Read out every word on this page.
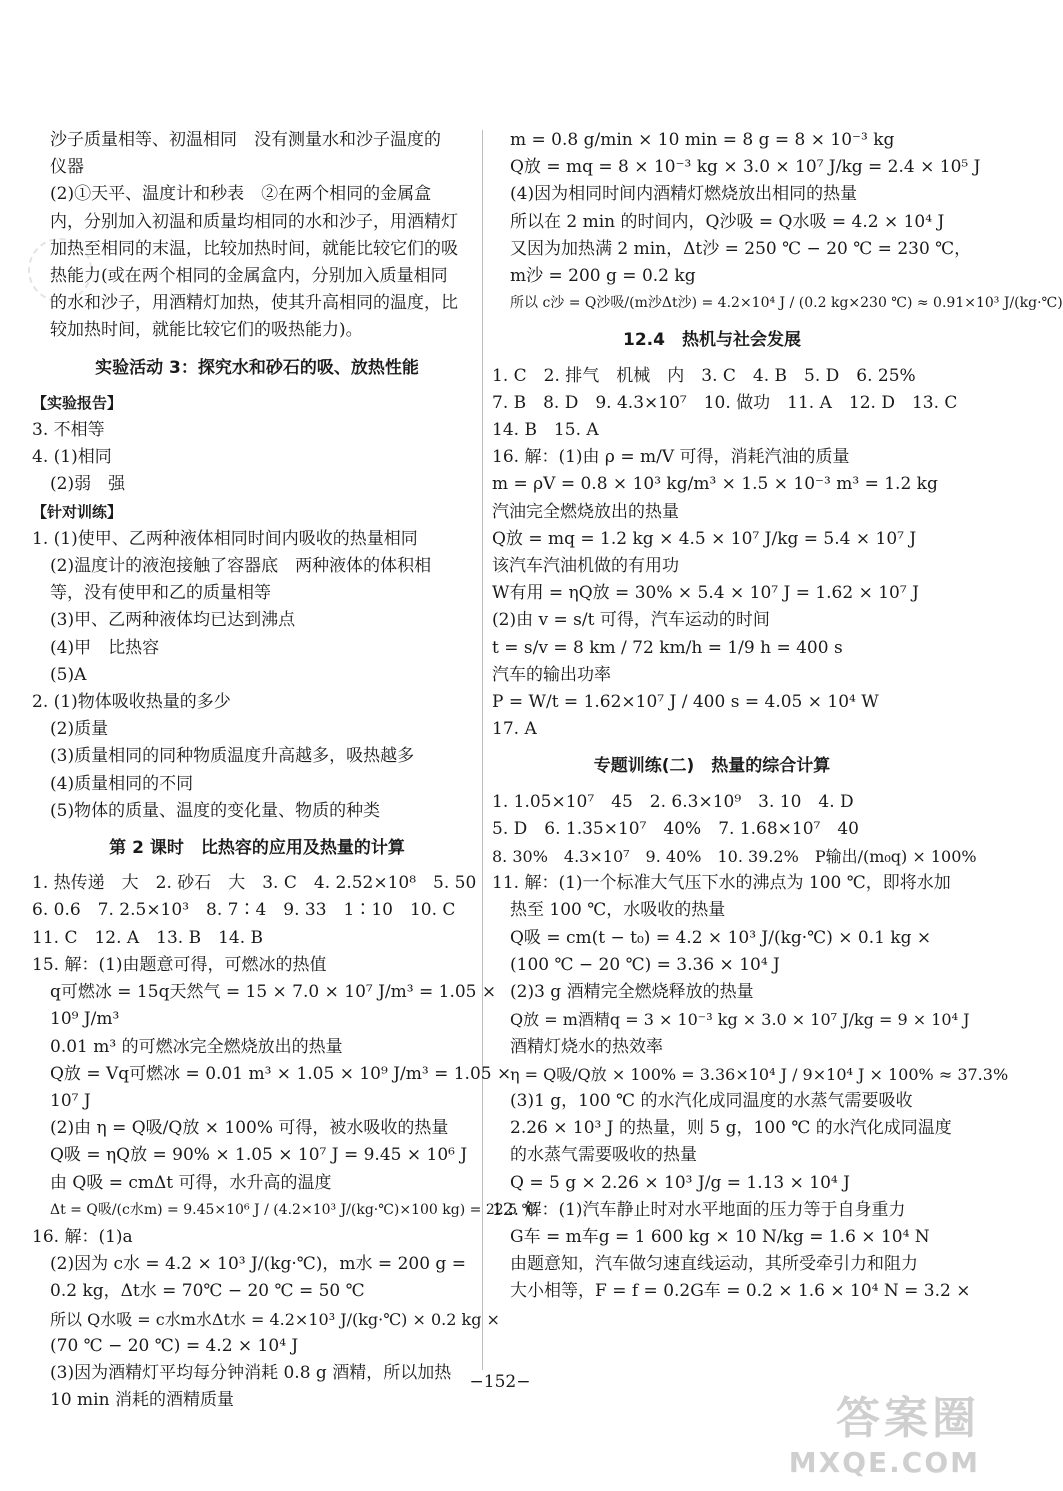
沙子质量相等、初温相同　没有测量水和沙子温度的
仪器
(2)①天平、温度计和秒表　②在两个相同的金属盒
内，分别加入初温和质量均相同的水和沙子，用酒精灯
加热至相同的末温，比较加热时间，就能比较它们的吸
热能力(或在两个相同的金属盒内，分别加入质量相同
的水和沙子，用酒精灯加热，使其升高相同的温度，比
较加热时间，就能比较它们的吸热能力)。
实验活动 3：探究水和砂石的吸、放热性能
【实验报告】
3. 不相等
4. (1)相同
(2)弱　强
【针对训练】
1. (1)使甲、乙两种液体相同时间内吸收的热量相同
(2)温度计的液泡接触了容器底　两种液体的体积相
等，没有使甲和乙的质量相等
(3)甲、乙两种液体均已达到沸点
(4)甲　比热容
(5)A
2. (1)物体吸收热量的多少
(2)质量
(3)质量相同的同种物质温度升高越多，吸热越多
(4)质量相同的不同
(5)物体的质量、温度的变化量、物质的种类
第 2 课时　比热容的应用及热量的计算
1. 热传递　大　2. 砂石　大　3. C　4. 2.52×10⁸　5. 50
6. 0.6　7. 2.5×10³　8. 7∶4　9. 33　1∶10　10. C
11. C　12. A　13. B　14. B
15. 解：(1)由题意可得，可燃冰的热值
q可燃冰 = 15q天然气 = 15 × 7.0 × 10⁷ J/m³ = 1.05 ×
10⁹ J/m³
0.01 m³ 的可燃冰完全燃烧放出的热量
Q放 = Vq可燃冰 = 0.01 m³ × 1.05 × 10⁹ J/m³ = 1.05 ×
10⁷ J
(2)由 η = Q吸/Q放 × 100% 可得，被水吸收的热量
Q吸 = ηQ放 = 90% × 1.05 × 10⁷ J = 9.45 × 10⁶ J
由 Q吸 = cmΔt 可得，水升高的温度
Δt = Q吸/(c水m) = 9.45×10⁶ J / (4.2×10³ J/(kg·℃)×100 kg) = 22.5 ℃
16. 解：(1)a
(2)因为 c水 = 4.2 × 10³ J/(kg·℃)，m水 = 200 g =
0.2 kg，Δt水 = 70℃ − 20 ℃ = 50 ℃
所以 Q水吸 = c水m水Δt水 = 4.2×10³ J/(kg·℃) × 0.2 kg ×
(70 ℃ − 20 ℃) = 4.2 × 10⁴ J
(3)因为酒精灯平均每分钟消耗 0.8 g 酒精，所以加热
10 min 消耗的酒精质量
m = 0.8 g/min × 10 min = 8 g = 8 × 10⁻³ kg
Q放 = mq = 8 × 10⁻³ kg × 3.0 × 10⁷ J/kg = 2.4 × 10⁵ J
(4)因为相同时间内酒精灯燃烧放出相同的热量
所以在 2 min 的时间内，Q沙吸 = Q水吸 = 4.2 × 10⁴ J
又因为加热满 2 min，Δt沙 = 250 ℃ − 20 ℃ = 230 ℃，
m沙 = 200 g = 0.2 kg
所以 c沙 = Q沙吸/(m沙Δt沙) = 4.2×10⁴ J / (0.2 kg×230 ℃) ≈ 0.91×10³ J/(kg·℃)
12.4　热机与社会发展
1. C　2. 排气　机械　内　3. C　4. B　5. D　6. 25%
7. B　8. D　9. 4.3×10⁷　10. 做功　11. A　12. D　13. C
14. B　15. A
16. 解：(1)由 ρ = m/V 可得，消耗汽油的质量
m = ρV = 0.8 × 10³ kg/m³ × 1.5 × 10⁻³ m³ = 1.2 kg
汽油完全燃烧放出的热量
Q放 = mq = 1.2 kg × 4.5 × 10⁷ J/kg = 5.4 × 10⁷ J
该汽车汽油机做的有用功
W有用 = ηQ放 = 30% × 5.4 × 10⁷ J = 1.62 × 10⁷ J
(2)由 v = s/t 可得，汽车运动的时间
t = s/v = 8 km / 72 km/h = 1/9 h = 400 s
汽车的输出功率
P = W/t = 1.62×10⁷ J / 400 s = 4.05 × 10⁴ W
17. A
专题训练(二)　热量的综合计算
1. 1.05×10⁷　45　2. 6.3×10⁹　3. 10　4. D
5. D　6. 1.35×10⁷　40%　7. 1.68×10⁷　40
8. 30%　4.3×10⁷　9. 40%　10. 39.2%　P输出/(m₀q) × 100%
11. 解：(1)一个标准大气压下水的沸点为 100 ℃，即将水加
热至 100 ℃，水吸收的热量
Q吸 = cm(t − t₀) = 4.2 × 10³ J/(kg·℃) × 0.1 kg ×
(100 ℃ − 20 ℃) = 3.36 × 10⁴ J
(2)3 g 酒精完全燃烧释放的热量
Q放 = m酒精q = 3 × 10⁻³ kg × 3.0 × 10⁷ J/kg = 9 × 10⁴ J
酒精灯烧水的热效率
η = Q吸/Q放 × 100% = 3.36×10⁴ J / 9×10⁴ J × 100% ≈ 37.3%
(3)1 g，100 ℃ 的水汽化成同温度的水蒸气需要吸收
2.26 × 10³ J 的热量，则 5 g，100 ℃ 的水汽化成同温度
的水蒸气需要吸收的热量
Q = 5 g × 2.26 × 10³ J/g = 1.13 × 10⁴ J
12. 解：(1)汽车静止时对水平地面的压力等于自身重力
G车 = m车g = 1 600 kg × 10 N/kg = 1.6 × 10⁴ N
由题意知，汽车做匀速直线运动，其所受牵引力和阻力
大小相等，F = f = 0.2G车 = 0.2 × 1.6 × 10⁴ N = 3.2 ×
−152−
答案圈
MXQE.COM
